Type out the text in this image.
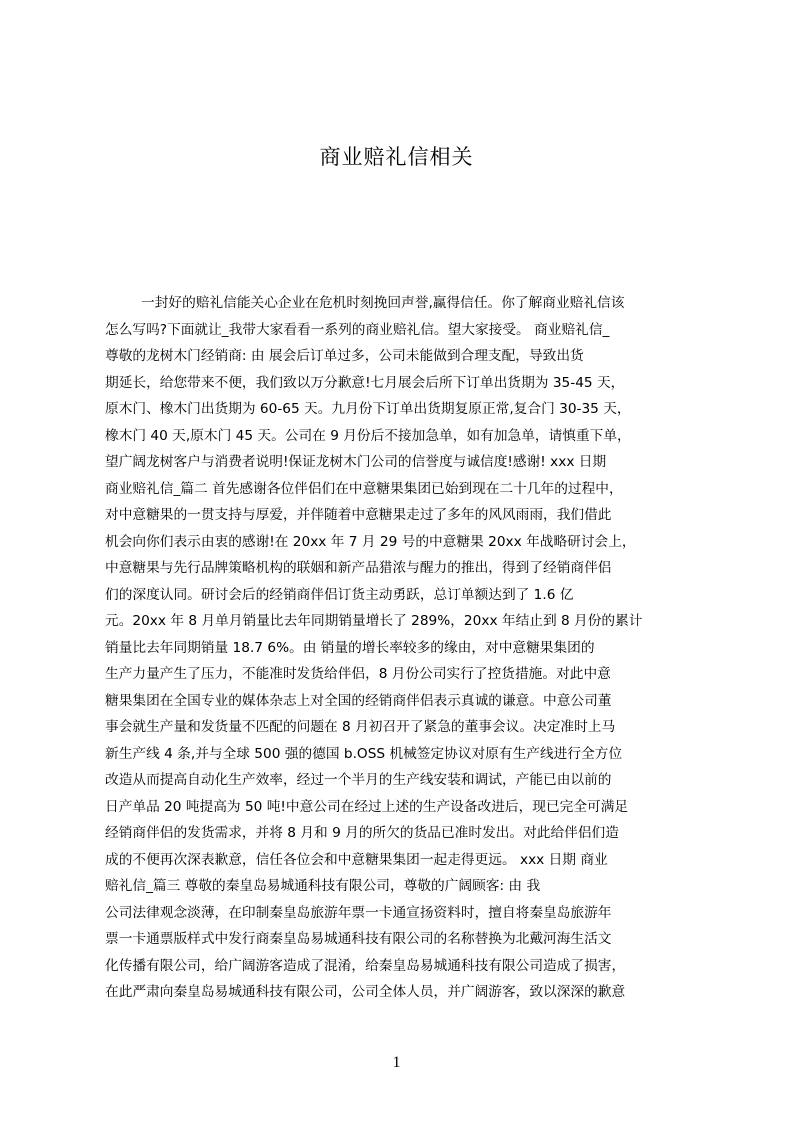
商业赔礼信相关
一封好的赔礼信能关心企业在危机时刻挽回声誉,赢得信任。你了解商业赔礼信该
怎么写吗?下面就让_我带大家看看一系列的商业赔礼信。望大家接受。 商业赔礼信_
尊敬的龙树木门经销商: 由 展会后订单过多，公司未能做到合理支配，导致出货
期延长，给您带来不便，我们致以万分歉意!七月展会后所下订单出货期为 35-45 天，
原木门、橡木门出货期为 60-65 天。九月份下订单出货期复原正常,复合门 30-35 天，
橡木门 40 天,原木门 45 天。公司在 9 月份后不接加急单，如有加急单，请慎重下单，
望广阔龙树客户与消费者说明!保证龙树木门公司的信誉度与诚信度!感谢! xxx 日期
商业赔礼信_篇二 首先感谢各位伴侣们在中意糖果集团已始到现在二十几年的过程中，
对中意糖果的一贯支持与厚爱，并伴随着中意糖果走过了多年的风风雨雨，我们借此
机会向你们表示由衷的感谢!在 20xx 年 7 月 29 号的中意糖果 20xx 年战略研讨会上，
中意糖果与先行品牌策略机构的联姻和新产品猎浓与醒力的推出，得到了经销商伴侣
们的深度认同。研讨会后的经销商伴侣订货主动勇跃，总订单额达到了 1.6 亿
元。20xx 年 8 月单月销量比去年同期销量增长了 289%，20xx 年结止到 8 月份的累计
销量比去年同期销量 18.7 6%。由 销量的增长率较多的缘由，对中意糖果集团的
生产力量产生了压力，不能准时发货给伴侣，8 月份公司实行了控货措施。对此中意
糖果集团在全国专业的媒体杂志上对全国的经销商伴侣表示真诚的谦意。中意公司董
事会就生产量和发货量不匹配的问题在 8 月初召开了紧急的董事会议。决定准时上马
新生产线 4 条,并与全球 500 强的德国 b.OSS 机械签定协议对原有生产线进行全方位
改造从而提高自动化生产效率，经过一个半月的生产线安装和调试，产能已由以前的
日产单品 20 吨提高为 50 吨!中意公司在经过上述的生产设备改进后，现已完全可满足
经销商伴侣的发货需求，并将 8 月和 9 月的所欠的货品已准时发出。对此给伴侣们造
成的不便再次深表歉意，信任各位会和中意糖果集团一起走得更远。 xxx 日期 商业
赔礼信_篇三 尊敬的秦皇岛易城通科技有限公司，尊敬的广阔顾客: 由 我
公司法律观念淡薄，在印制秦皇岛旅游年票一卡通宣扬资料时，擅自将秦皇岛旅游年
票一卡通票版样式中发行商秦皇岛易城通科技有限公司的名称替换为北戴河海生活文
化传播有限公司，给广阔游客造成了混淆，给秦皇岛易城通科技有限公司造成了损害，
在此严肃向秦皇岛易城通科技有限公司，公司全体人员，并广阔游客，致以深深的歉意
1
